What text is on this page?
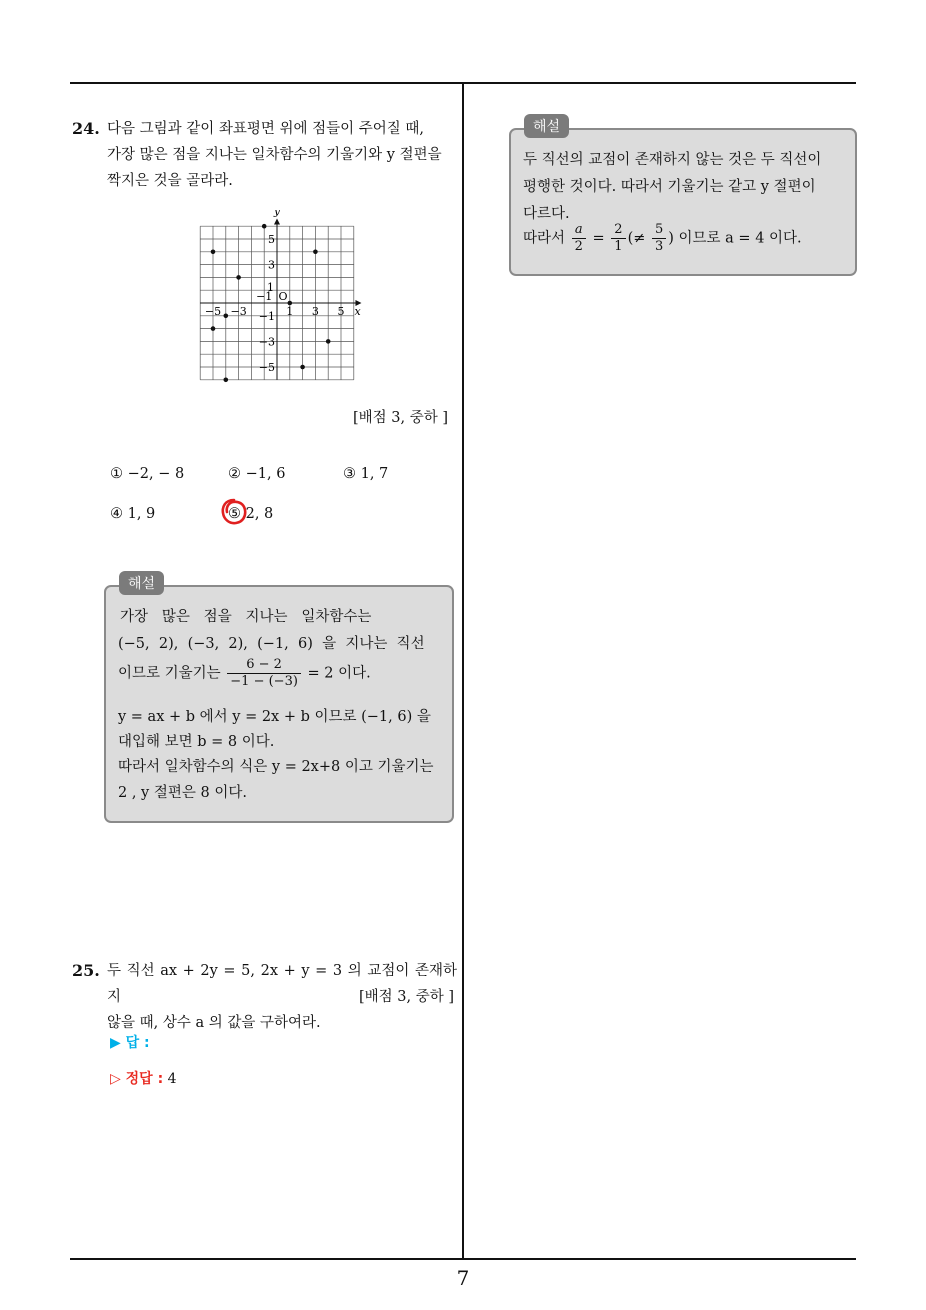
7
24. 다음 그림과 같이 좌표평면 위에 점들이 주어질 때,
가장 많은 점을 지나는 일차함수의 기울기와 y 절편을
짝지은 것을 골라라.
x
y
O
−5 −3
−1
1 3 5
5
3
1
−1
−3
−5
[배점 3, 중하 ]
① −2, − 8	② −1, 6	③ 1, 7
④ 1, 9	⑤ 2, 8
해설
가장   많은   점을   지나는   일차함수는
(−5,  2),  (−3,  2),  (−1,  6)  을  지나는  직선
이므로 기울기는 $\frac{6 - 2}{-1 - (-3)} = 2$ 이다.
y = ax + b 에서 y = 2x + b 이므로 (−1, 6) 을
대입해 보면 b = 8 이다.
따라서 일차함수의 식은 y = 2x+8 이고 기울기는
2 , y 절편은 8 이다.
25. 두 직선 ax + 2y = 5, 2x + y = 3 의 교점이 존재하지
않을 때, 상수 a 의 값을 구하여라.
[배점 3, 중하 ]
▶ 답 :
▷ 정답 : 4
해설
두 직선의 교점이 존재하지 않는 것은 두 직선이
평행한 것이다. 따라서 기울기는 같고 y 절편이
다르다.
따라서 $\frac{a}{2} = \frac{2}{1}$ (≠ $\frac{5}{3}$ ) 이므로 a = 4 이다.
